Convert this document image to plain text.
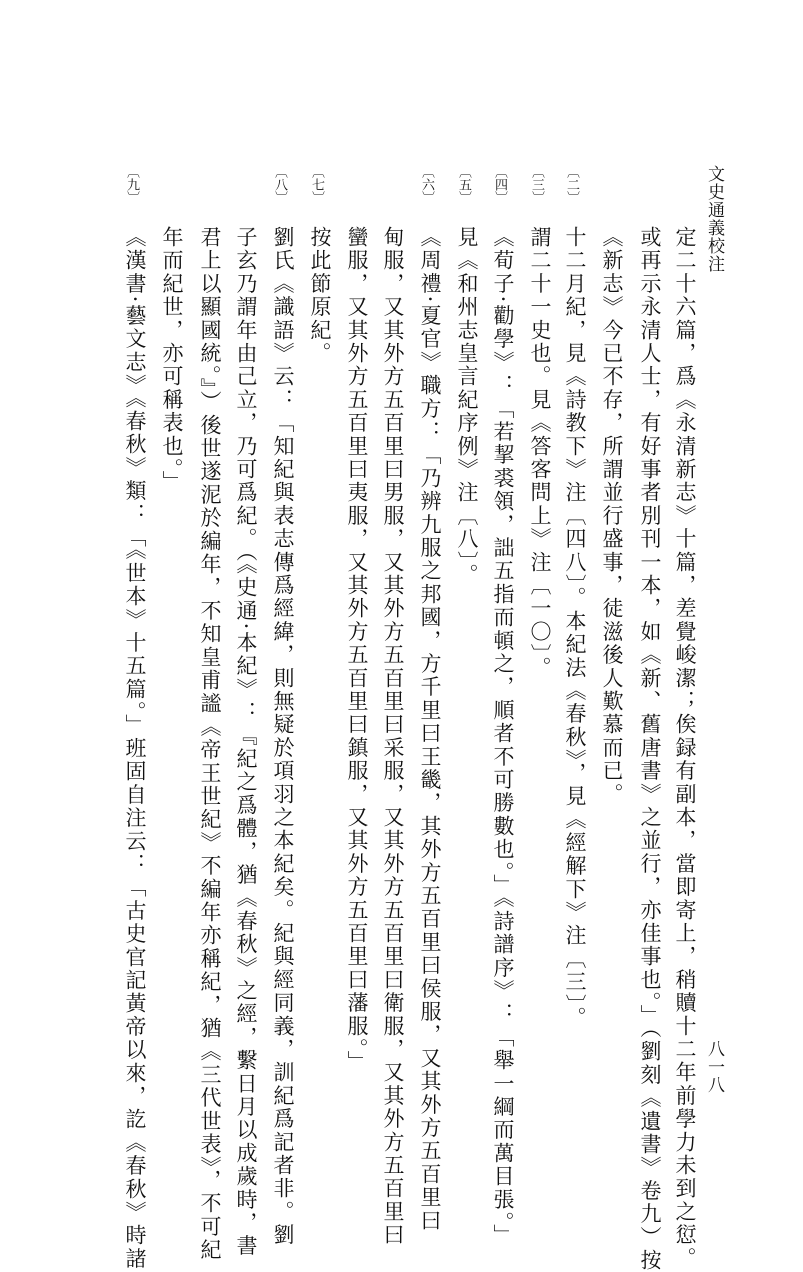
文史通義校注
八一八
定二十六篇，爲《永清新志》十篇，差覺峻潔；俟録有副本，當即寄上，稍贖十二年前學力未到之愆。
或再示永清人士，有好事者別刊一本，如《新、舊唐書》之並行，亦佳事也。」（劉刻《遺書》卷九）按
《新志》今已不存，所謂並行盛事，徒滋後人歎慕而已。
〔二〕
十二月紀，見《詩教下》注〔四八〕。本紀法《春秋》，見《經解下》注〔三〕。
〔三〕
謂二十一史也。見《答客問上》注〔一〇〕。
〔四〕
《荀子·勸學》：「若挈裘領，詘五指而頓之，順者不可勝數也。」《詩譜序》：「舉一綱而萬目張。」
〔五〕
見《和州志皇言紀序例》注〔八〕。
〔六〕
《周禮·夏官》職方：「乃辨九服之邦國，方千里曰王畿，其外方五百里曰侯服，又其外方五百里曰
甸服，又其外方五百里曰男服，又其外方五百里曰采服，又其外方五百里曰衛服，又其外方五百里曰
蠻服，又其外方五百里曰夷服，又其外方五百里曰鎮服，又其外方五百里曰藩服。」
〔七〕
按此節原紀。
〔八〕
劉氏《識語》云：「知紀與表志傳爲經緯，則無疑於項羽之本紀矣。紀與經同義，訓紀爲記者非。劉
子玄乃謂年由己立，乃可爲紀。（《史通·本紀》：『紀之爲體，猶《春秋》之經，繫日月以成歲時，書
君上以顯國統。』）後世遂泥於編年，不知皇甫謐《帝王世紀》不編年亦稱紀，猶《三代世表》，不可紀
年而紀世，亦可稱表也。」
〔九〕
《漢書·藝文志》《春秋》類：「《世本》十五篇。」班固自注云：「古史官記黃帝以來，訖《春秋》時諸
